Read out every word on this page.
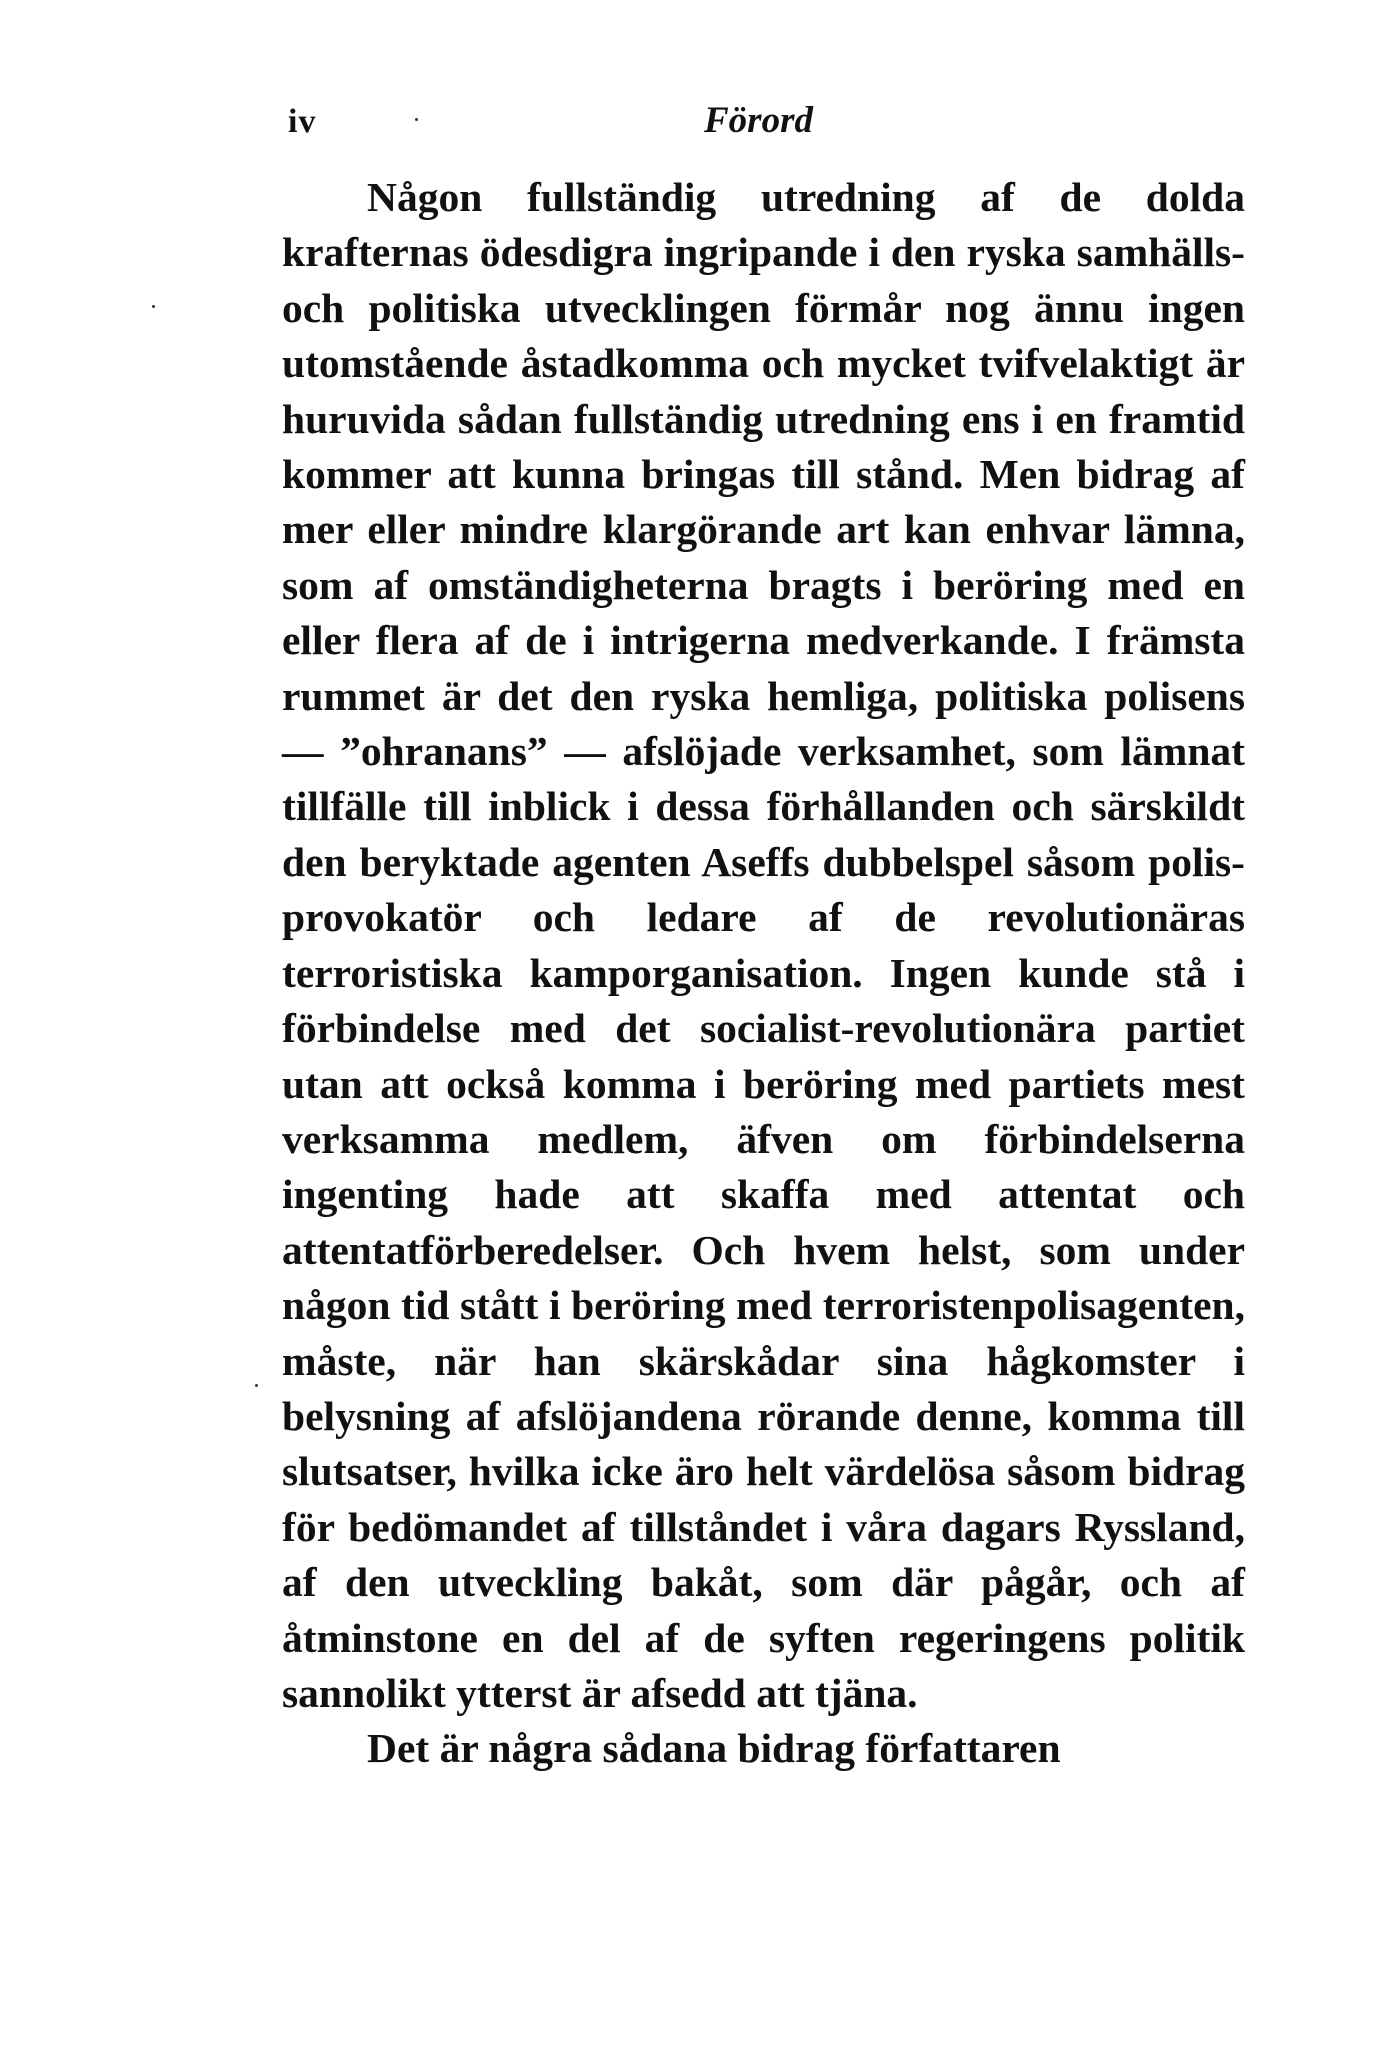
iv	Förord

Någon fullständig utredning af de dolda krafternas ödesdigra ingripande i den ryska samhälls- och politiska utvecklingen förmår nog ännu ingen utomstående åstadkomma och mycket tvifvelaktigt är huruvida sådan fullständig utredning ens i en framtid kommer att kunna bringas till stånd. Men bidrag af mer eller mindre klargörande art kan enhvar lämna, som af omständigheterna bragts i beröring med en eller flera af de i intrigerna medverkande. I främsta rummet är det den ryska hemliga, politiska polisens — ”ohranans” — afslöjade verksamhet, som lämnat tillfälle till inblick i dessa förhållanden och särskildt den beryktade agenten Aseffs dubbelspel såsom polis-provokatör och ledare af de revolutionäras terroristiska kamporganisation. Ingen kunde stå i förbindelse med det socialist-revolutionära partiet utan att också komma i beröring med partiets mest verksamma medlem, äfven om förbindelserna ingenting hade att skaffa med attentat och attentatförberedelser. Och hvem helst, som under någon tid stått i beröring med terroristenpolisagenten, måste, när han skärskådar sina hågkomster i belysning af afslöjandena rörande denne, komma till slutsatser, hvilka icke äro helt värdelösa såsom bidrag för bedömandet af tillståndet i våra dagars Ryssland, af den utveckling bakåt, som där pågår, och af åtminstone en del af de syften regeringens politik sannolikt ytterst är afsedd att tjäna.

Det är några sådana bidrag författaren
